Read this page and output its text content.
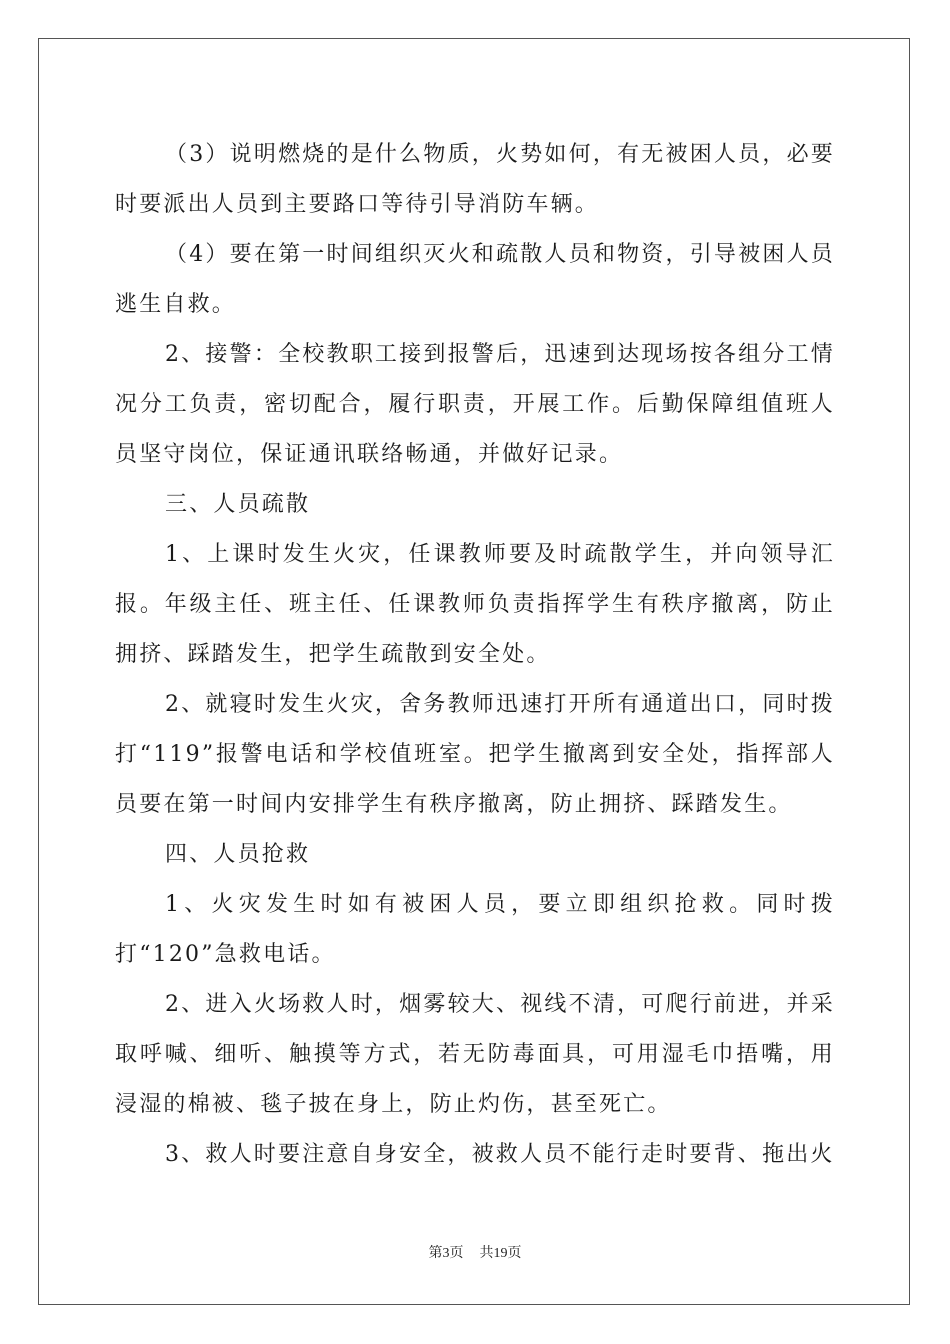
（3）说明燃烧的是什么物质，火势如何，有无被困人员，必要时要派出人员到主要路口等待引导消防车辆。

（4）要在第一时间组织灭火和疏散人员和物资，引导被困人员逃生自救。

2、接警：全校教职工接到报警后，迅速到达现场按各组分工情况分工负责，密切配合，履行职责，开展工作。后勤保障组值班人员坚守岗位，保证通讯联络畅通，并做好记录。

三、人员疏散

1、上课时发生火灾，任课教师要及时疏散学生，并向领导汇报。年级主任、班主任、任课教师负责指挥学生有秩序撤离，防止拥挤、踩踏发生，把学生疏散到安全处。

2、就寝时发生火灾，舍务教师迅速打开所有通道出口，同时拨打“119”报警电话和学校值班室。把学生撤离到安全处，指挥部人员要在第一时间内安排学生有秩序撤离，防止拥挤、踩踏发生。

四、人员抢救

1、火灾发生时如有被困人员，要立即组织抢救。同时拨打“120”急救电话。

2、进入火场救人时，烟雾较大、视线不清，可爬行前进，并采取呼喊、细听、触摸等方式，若无防毒面具，可用湿毛巾捂嘴，用浸湿的棉被、毯子披在身上，防止灼伤，甚至死亡。

3、救人时要注意自身安全，被救人员不能行走时要背、拖出火

第3页 共19页
